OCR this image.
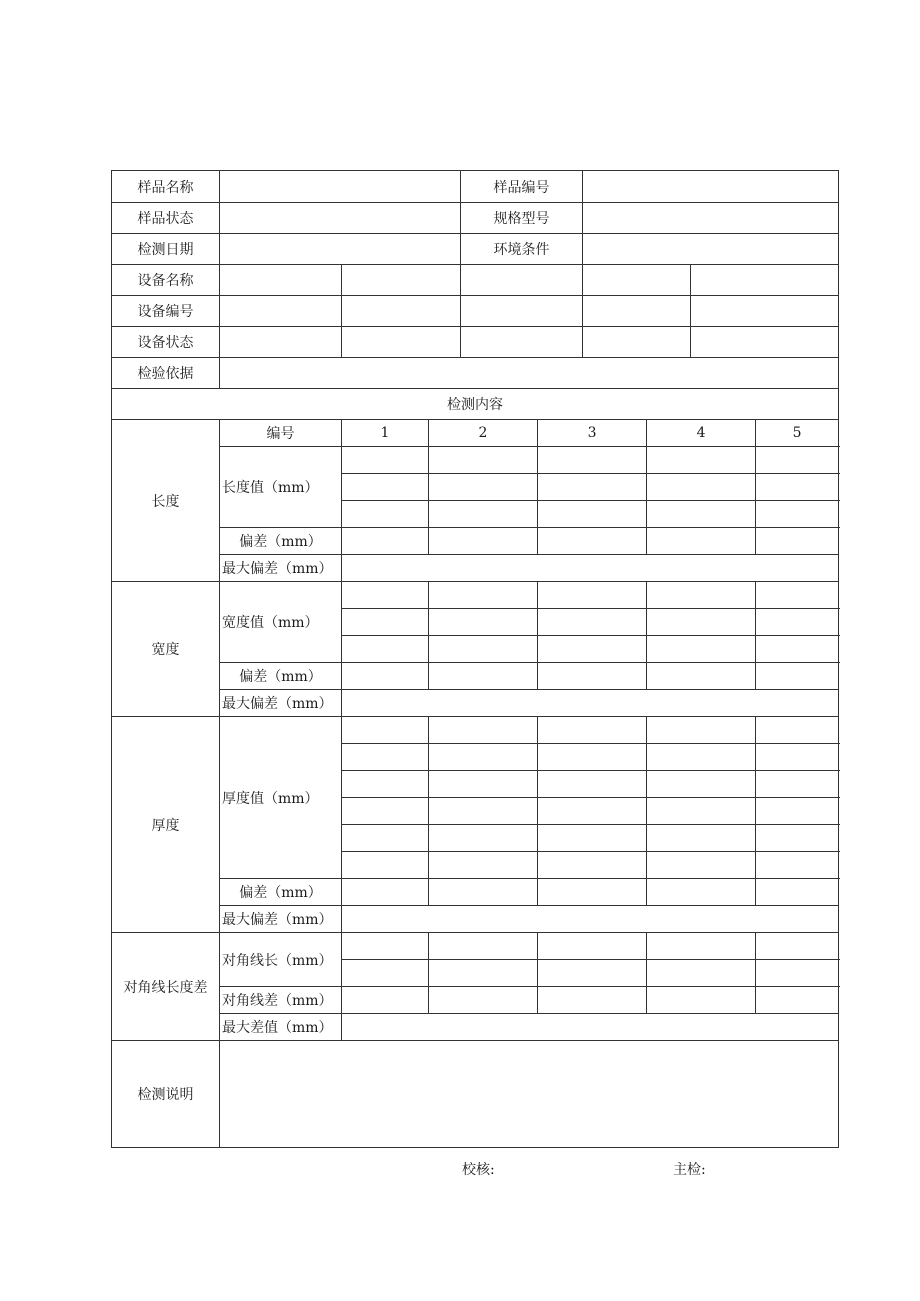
样品名称				样品编号					
样品状态				规格型号					
检测日期				环境条件					
设备名称									
设备编号									
设备状态									
检验依据									
检测内容									
长度	编号	1	2		3		4		5
	长度值（mm）								

	偏差（mm）								
	最大偏差（mm）								
宽度	宽度值（mm）								

	偏差（mm）								
	最大偏差（mm）								
厚度	厚度值（mm）								

	偏差（mm）								
	最大偏差（mm）								
对角线长度差	对角线长（mm）								

	对角线差（mm）								
	最大差值（mm）								
检测说明									
校核:	主检:
